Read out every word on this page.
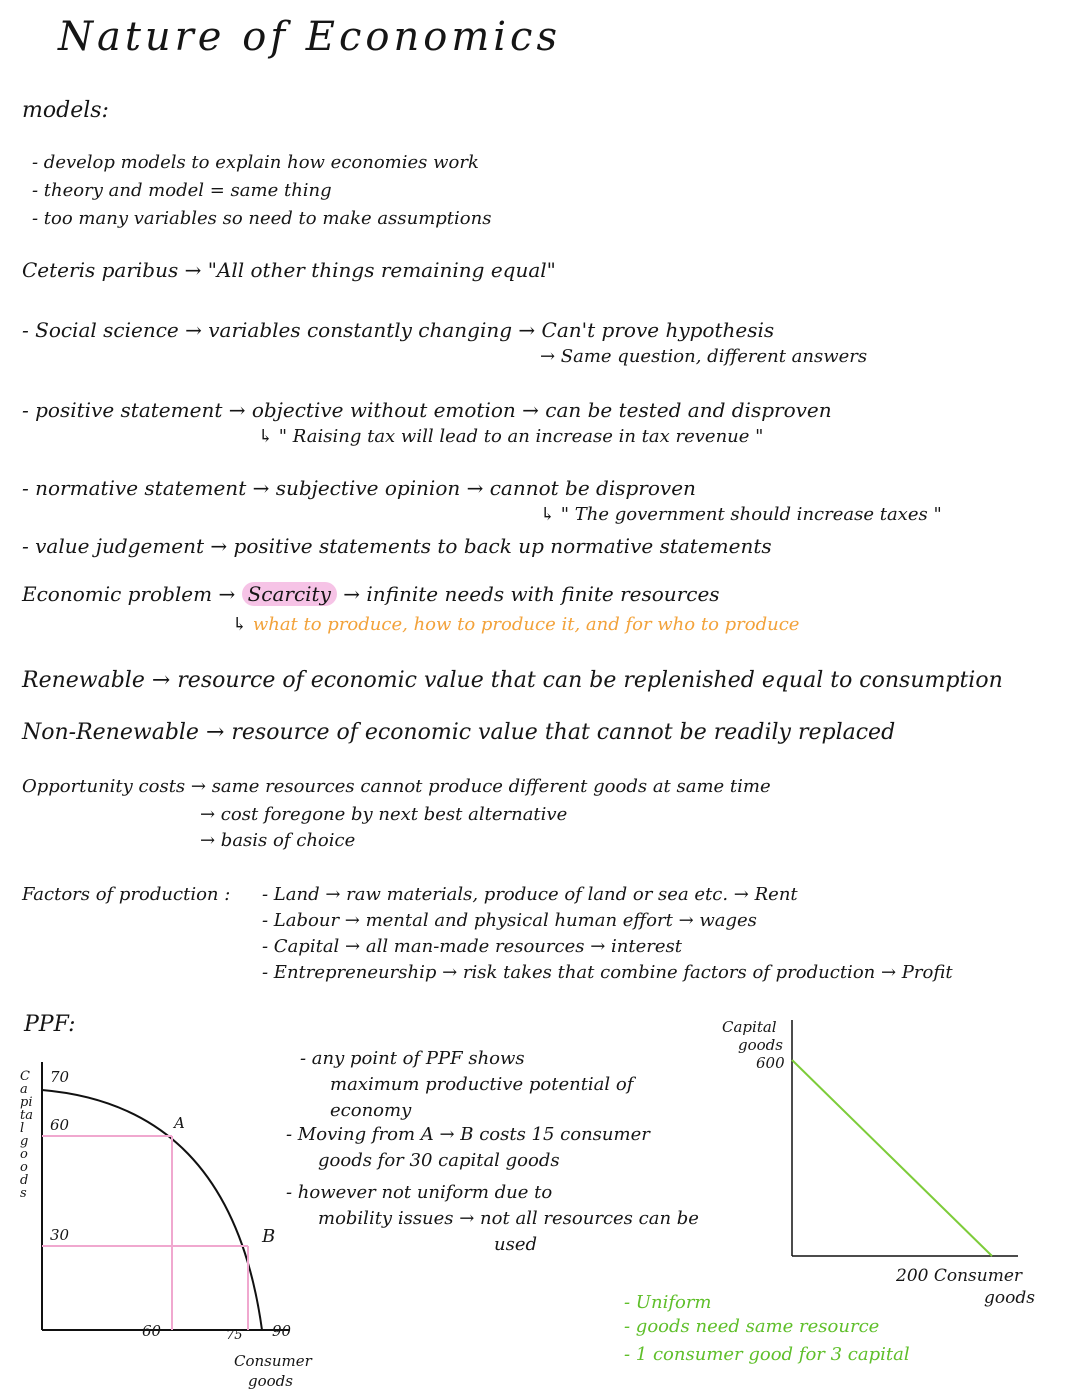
Nature of Economics
models:
- develop models to explain how economies work
- theory and model = same thing
- too many variables so need to make assumptions
Ceteris paribus → "All other things remaining equal"
- Social science → variables constantly changing → Can't prove hypothesis
→ Same question, different answers
- positive statement → objective without emotion → can be tested and disproven
↳ " Raising tax will lead to an increase in tax revenue "
- normative statement → subjective opinion → cannot be disproven
↳ " The government should increase taxes "
- value judgement → positive statements to back up normative statements
Economic problem → Scarcity → infinite needs with finite resources
↳ what to produce, how to produce it, and for who to produce
Renewable → resource of economic value that can be replenished equal to consumption
Non-Renewable → resource of economic value that cannot be readily replaced
Opportunity costs → same resources cannot produce different goods at same time
→ cost foregone by next best alternative
→ basis of choice
Factors of production : - Land → raw materials, produce of land or sea etc. → Rent
- Labour → mental and physical human effort → wages
- Capital → all man-made resources → interest
- Entrepreneurship → risk takes that combine factors of production → Profit
PPF:
Capital goods
70
60
30
A
B
60	75 90
Consumer
goods
- any point of PPF shows
maximum productive potential of
economy
- Moving from A → B costs 15 consumer
goods for 30 capital goods
- however not uniform due to
mobility issues → not all resources can be
used
Capital
goods
600
200 Consumer
goods
- Uniform
- goods need same resource
- 1 consumer good for 3 capital
